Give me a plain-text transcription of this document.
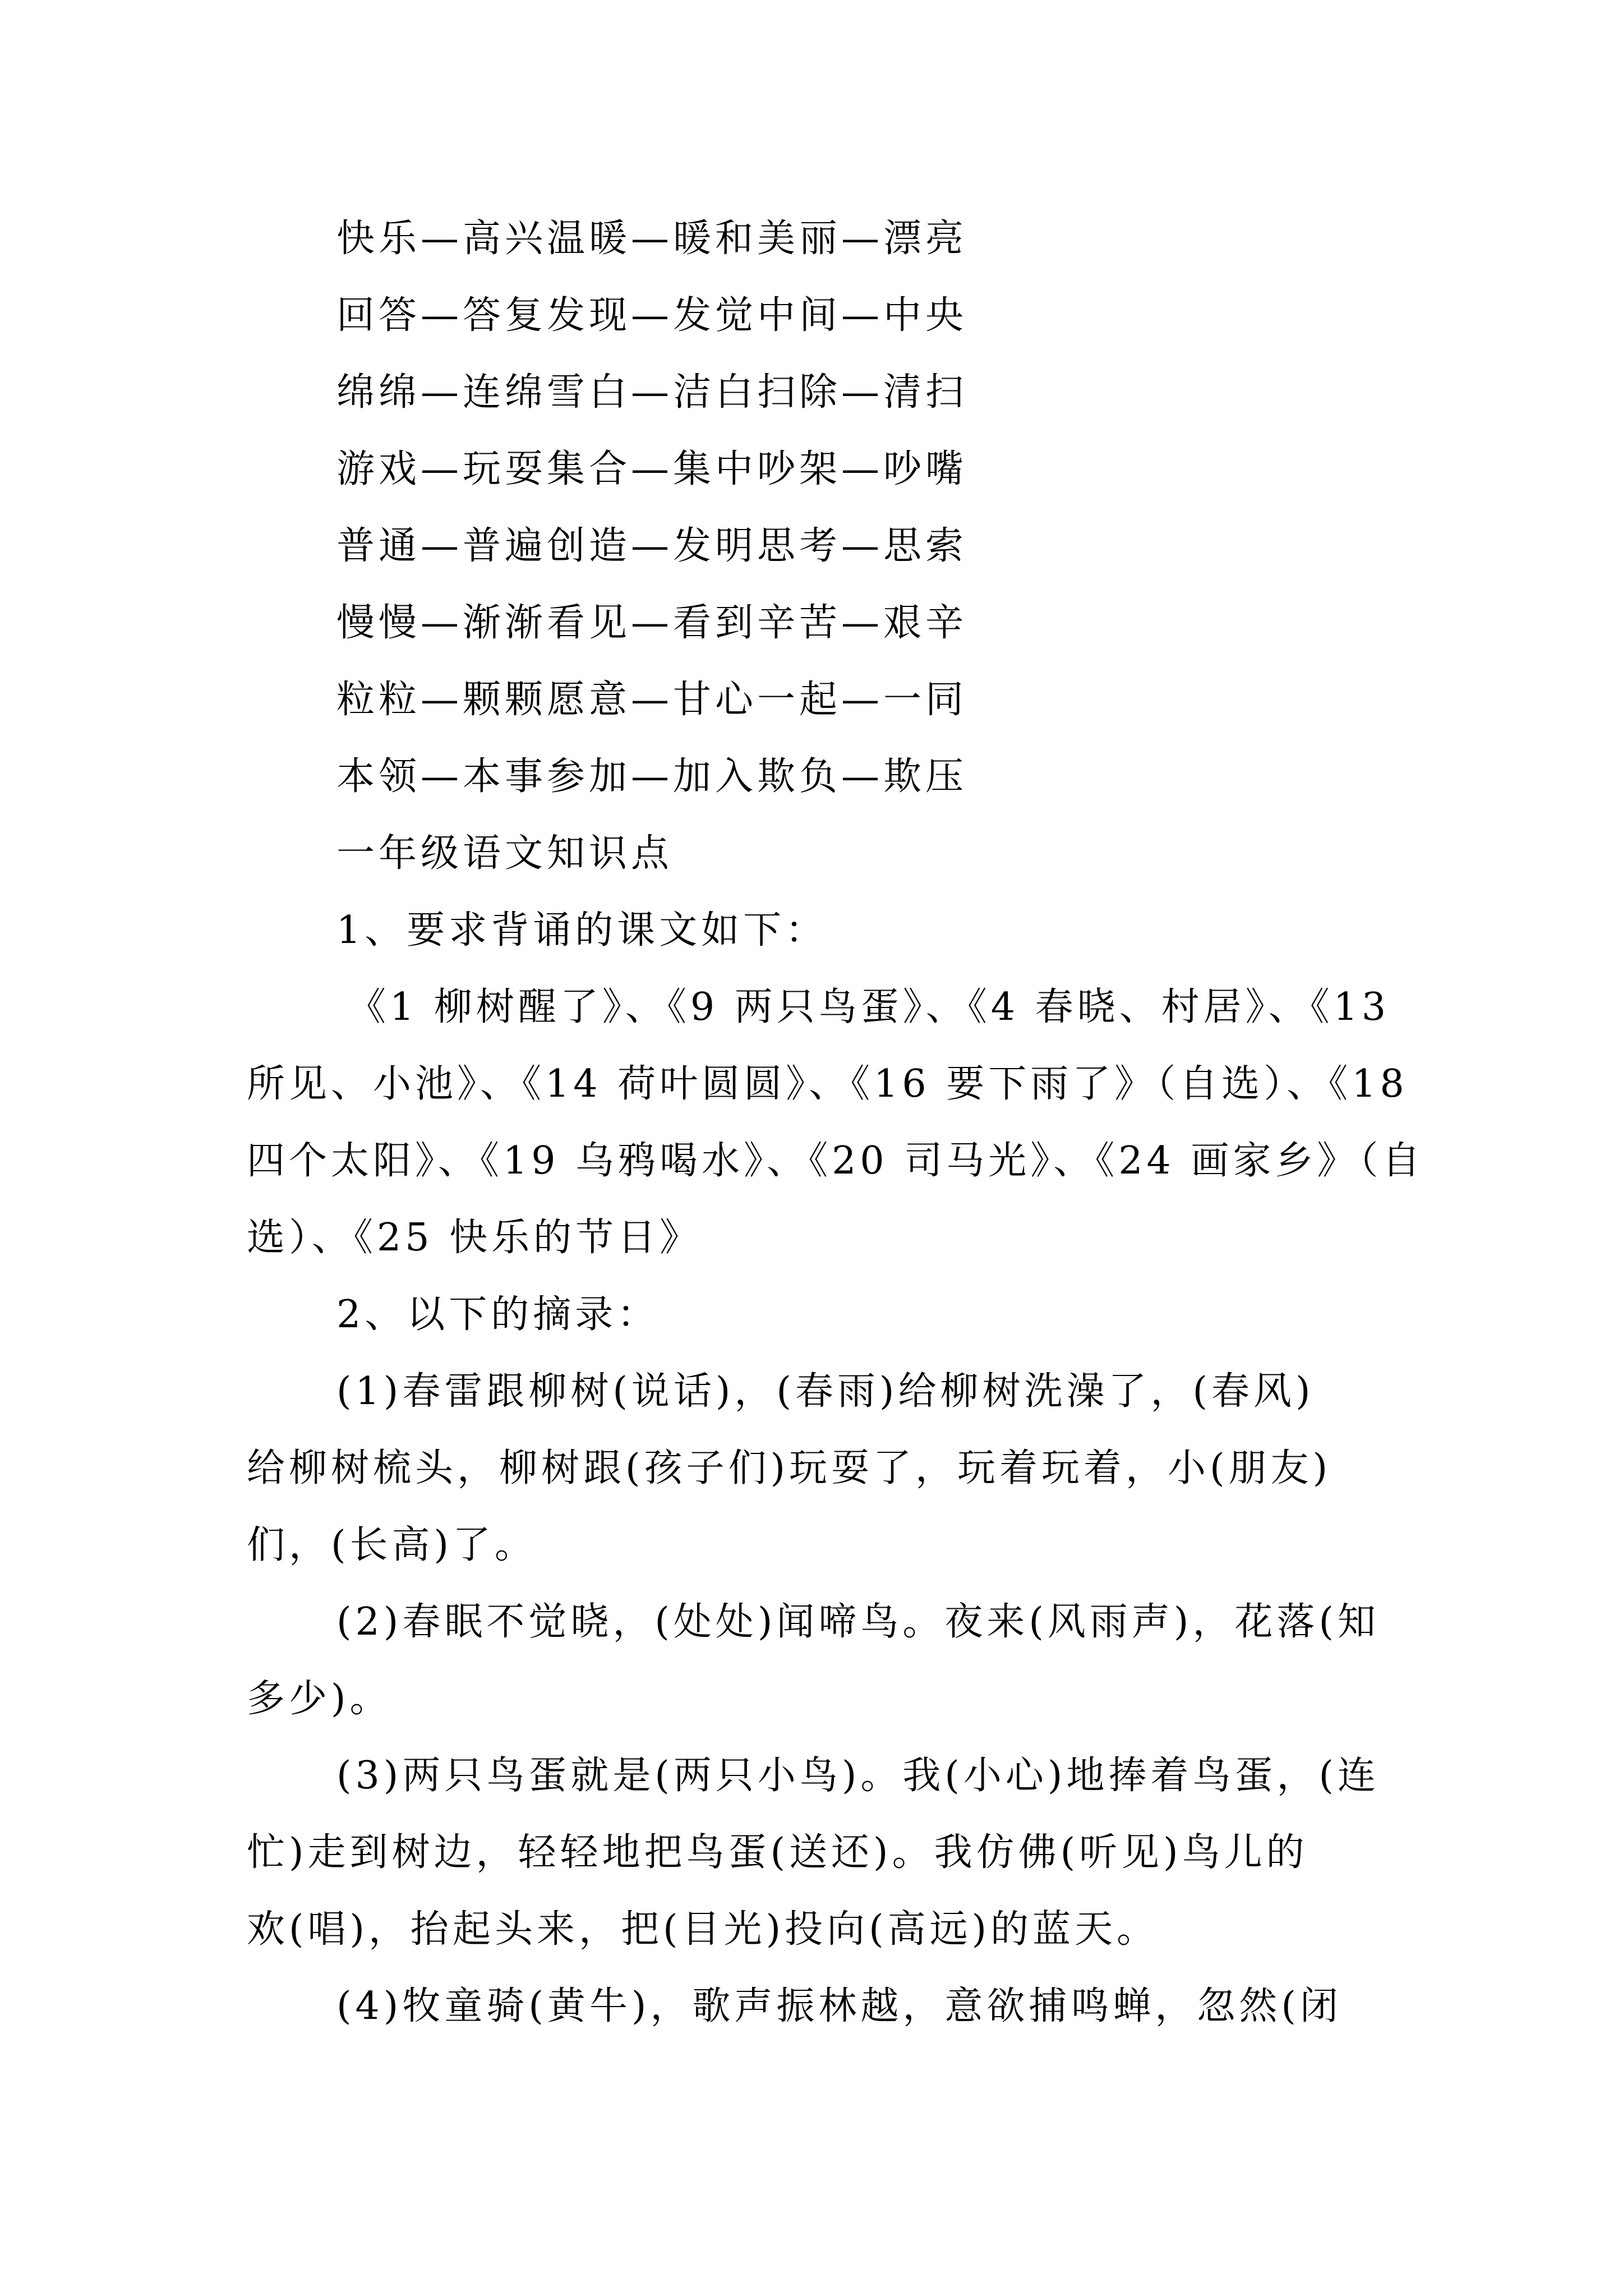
快乐—高兴温暖—暖和美丽—漂亮
回答—答复发现—发觉中间—中央
绵绵—连绵雪白—洁白扫除—清扫
游戏—玩耍集合—集中吵架—吵嘴
普通—普遍创造—发明思考—思索
慢慢—渐渐看见—看到辛苦—艰辛
粒粒—颗颗愿意—甘心一起—一同
本领—本事参加—加入欺负—欺压
一年级语文知识点
1、要求背诵的课文如下：
《1 柳树醒了》、《9 两只鸟蛋》、《4 春晓、村居》、《13
所见、小池》、《14 荷叶圆圆》、《16 要下雨了》（自选）、《18
四个太阳》、《19 乌鸦喝水》、《20 司马光》、《24 画家乡》（自
选）、《25 快乐的节日》
2、以下的摘录：
(1)春雷跟柳树(说话)，(春雨)给柳树洗澡了，(春风)
给柳树梳头，柳树跟(孩子们)玩耍了，玩着玩着，小(朋友)
们，(长高)了。
(2)春眠不觉晓，(处处)闻啼鸟。夜来(风雨声)，花落(知
多少)。
(3)两只鸟蛋就是(两只小鸟)。我(小心)地捧着鸟蛋，(连
忙)走到树边，轻轻地把鸟蛋(送还)。我仿佛(听见)鸟儿的
欢(唱)，抬起头来，把(目光)投向(高远)的蓝天。
(4)牧童骑(黄牛)，歌声振林越，意欲捕鸣蝉，忽然(闭
